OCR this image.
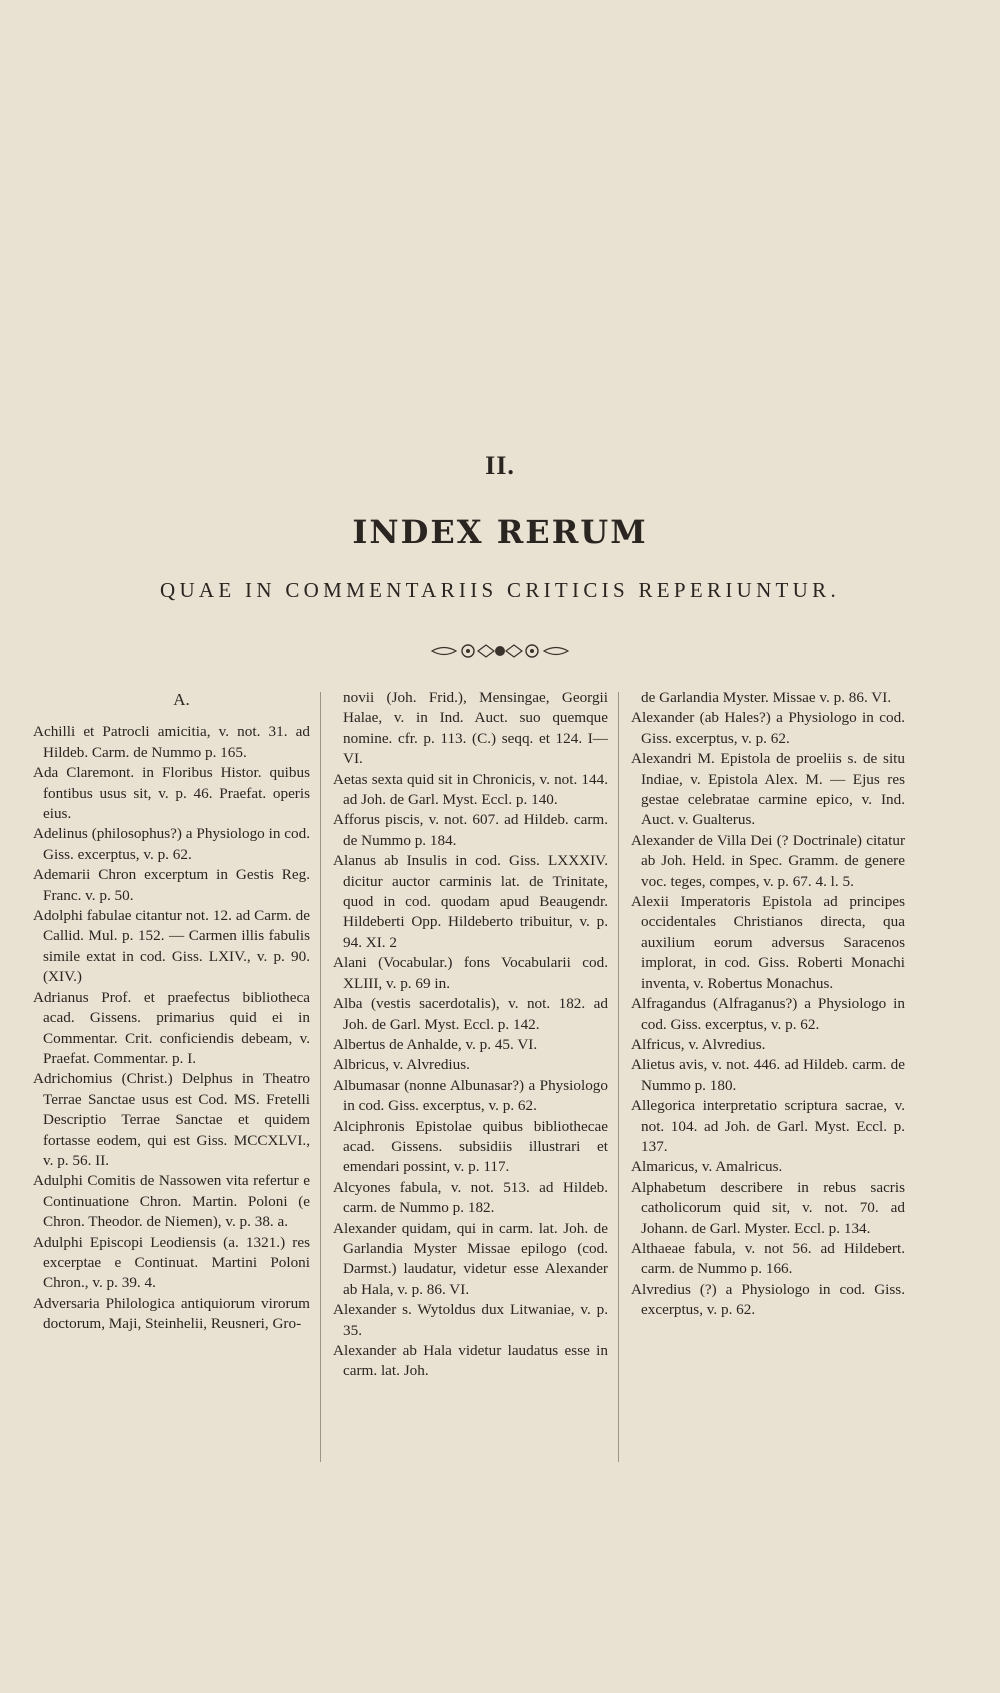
II.
INDEX RERUM
QUAE IN COMMENTARIIS CRITICIS REPERIUNTUR.
A.

Achilli et Patrocli amicitia, v. not. 31. ad Hildeb. Carm. de Nummo p. 165.

Ada Claremont. in Floribus Histor. quibus fontibus usus sit, v. p. 46. Praefat. operis eius.

Adelinus (philosophus?) a Physiologo in cod. Giss. excerptus, v. p. 62.

Ademarii Chron excerptum in Gestis Reg. Franc. v. p. 50.

Adolphi fabulae citantur not. 12. ad Carm. de Callid. Mul. p. 152. — Carmen illis fabulis simile extat in cod. Giss. LXIV., v. p. 90. (XIV.)

Adrianus Prof. et praefectus bibliotheca acad. Gissens. primarius quid ei in Commentar. Crit. conficiendis debeam, v. Praefat. Commentar. p. I.

Adrichomius (Christ.) Delphus in Theatro Terrae Sanctae usus est Cod. MS. Fretelli Descriptio Terrae Sanctae et quidem fortasse eodem, qui est Giss. MCCXLVI., v. p. 56. II.

Adulphi Comitis de Nassowen vita refertur e Continuatione Chron. Martin. Poloni (e Chron. Theodor. de Niemen), v. p. 38. a.

Adulphi Episcopi Leodiensis (a. 1321.) res excerptae e Continuat. Martini Poloni Chron., v. p. 39. 4.

Adversaria Philologica antiquiorum virorum doctorum, Maji, Steinhelii, Reusneri, Gro-

novii (Joh. Frid.), Mensingae, Georgii Halae, v. in Ind. Auct. suo quemque nomine. cfr. p. 113. (C.) seqq. et 124. I—VI.

Aetas sexta quid sit in Chronicis, v. not. 144. ad Joh. de Garl. Myst. Eccl. p. 140.

Afforus piscis, v. not. 607. ad Hildeb. carm. de Nummo p. 184.

Alanus ab Insulis in cod. Giss. LXXXIV. dicitur auctor carminis lat. de Trinitate, quod in cod. quodam apud Beaugendr. Hildeberti Opp. Hildeberto tribuitur, v. p. 94. XI. 2

Alani (Vocabular.) fons Vocabularii cod. XLIII, v. p. 69 in.

Alba (vestis sacerdotalis), v. not. 182. ad Joh. de Garl. Myst. Eccl. p. 142.

Albertus de Anhalde, v. p. 45. VI.

Albricus, v. Alvredius.

Albumasar (nonne Albunasar?) a Physiologo in cod. Giss. excerptus, v. p. 62.

Alciphronis Epistolae quibus bibliothecae acad. Gissens. subsidiis illustrari et emendari possint, v. p. 117.

Alcyones fabula, v. not. 513. ad Hildeb. carm. de Nummo p. 182.

Alexander quidam, qui in carm. lat. Joh. de Garlandia Myster Missae epilogo (cod. Darmst.) laudatur, videtur esse Alexander ab Hala, v. p. 86. VI.

Alexander s. Wytoldus dux Litwaniae, v. p. 35.

Alexander ab Hala videtur laudatus esse in carm. lat. Joh.

de Garlandia Myster. Missae v. p. 86. VI.

Alexander (ab Hales?) a Physiologo in cod. Giss. excerptus, v. p. 62.

Alexandri M. Epistola de proeliis s. de situ Indiae, v. Epistola Alex. M. — Ejus res gestae celebratae carmine epico, v. Ind. Auct. v. Gualterus.

Alexander de Villa Dei (? Doctrinale) citatur ab Joh. Held. in Spec. Gramm. de genere voc. teges, compes, v. p. 67. 4. l. 5.

Alexii Imperatoris Epistola ad principes occidentales Christianos directa, qua auxilium eorum adversus Saracenos implorat, in cod. Giss. Roberti Monachi inventa, v. Robertus Monachus.

Alfragandus (Alfraganus?) a Physiologo in cod. Giss. excerptus, v. p. 62.

Alfricus, v. Alvredius.

Alietus avis, v. not. 446. ad Hildeb. carm. de Nummo p. 180.

Allegorica interpretatio scriptura sacrae, v. not. 104. ad Joh. de Garl. Myst. Eccl. p. 137.

Almaricus, v. Amalricus.

Alphabetum describere in rebus sacris catholicorum quid sit, v. not. 70. ad Johann. de Garl. Myster. Eccl. p. 134.

Althaeae fabula, v. not 56. ad Hildebert. carm. de Nummo p. 166.

Alvredius (?) a Physiologo in cod. Giss. excerptus, v. p. 62.
